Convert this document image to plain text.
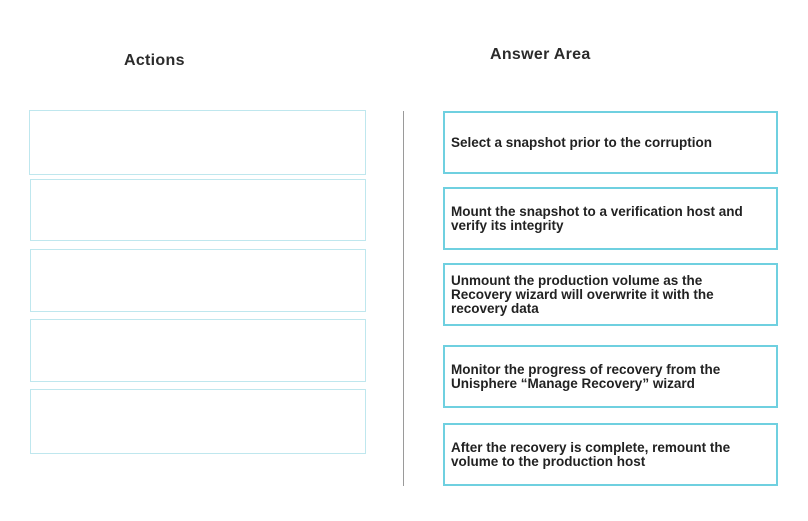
Actions	Answer Area
Select a snapshot prior to the corruption
Mount the snapshot to a verification host and verify its integrity
Unmount the production volume as the Recovery wizard will overwrite it with the recovery data
Monitor the progress of recovery from the Unisphere “Manage Recovery” wizard
After the recovery is complete, remount the volume to the production host
